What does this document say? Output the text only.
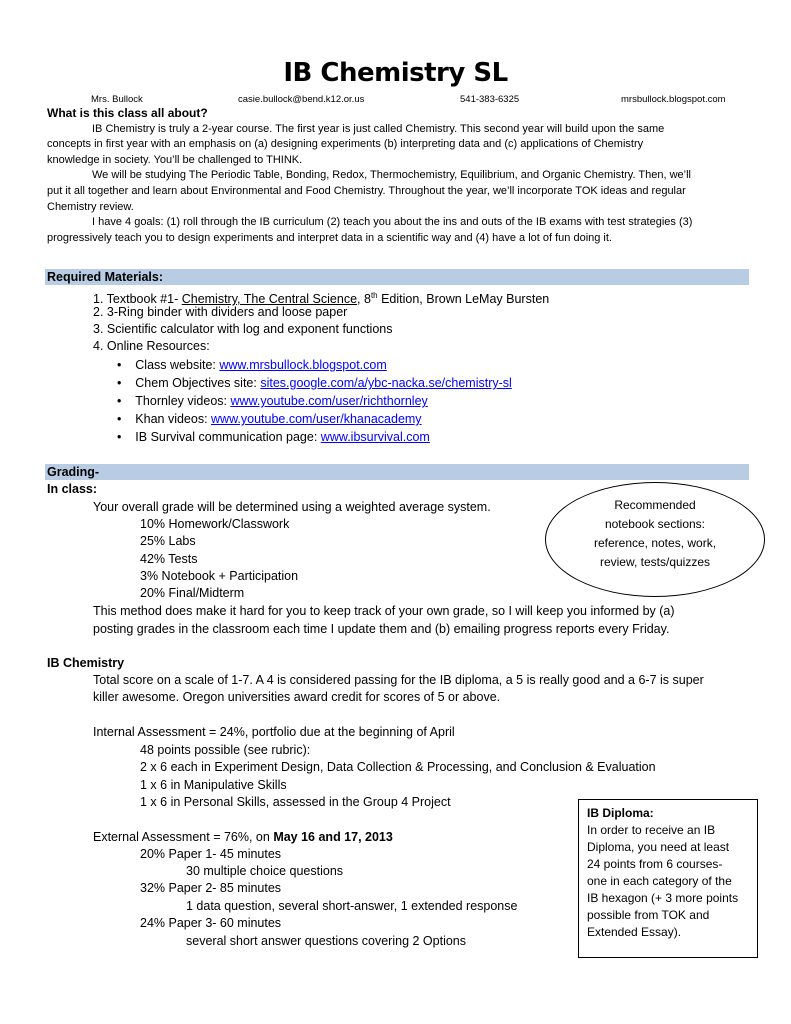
IB Chemistry SL
Mrs. Bullock	casie.bullock@bend.k12.or.us	541-383-6325	mrsbullock.blogspot.com
What is this class all about?
IB Chemistry is truly a 2-year course. The first year is just called Chemistry. This second year will build upon the same
concepts in first year with an emphasis on (a) designing experiments (b) interpreting data and (c) applications of Chemistry
knowledge in society. You’ll be challenged to THINK.
We will be studying The Periodic Table, Bonding, Redox, Thermochemistry, Equilibrium, and Organic Chemistry. Then, we’ll
put it all together and learn about Environmental and Food Chemistry. Throughout the year, we’ll incorporate TOK ideas and regular
Chemistry review.
I have 4 goals: (1) roll through the IB curriculum (2) teach you about the ins and outs of the IB exams with test strategies (3)
progressively teach you to design experiments and interpret data in a scientific way and (4) have a lot of fun doing it.
Required Materials:
1. Textbook #1- Chemistry, The Central Science, 8th Edition, Brown LeMay Bursten
2. 3-Ring binder with dividers and loose paper
3. Scientific calculator with log and exponent functions
4. Online Resources:
•    Class website: www.mrsbullock.blogspot.com
•    Chem Objectives site: sites.google.com/a/ybc-nacka.se/chemistry-sl
•    Thornley videos: www.youtube.com/user/richthornley
•    Khan videos: www.youtube.com/user/khanacademy
•    IB Survival communication page: www.ibsurvival.com
Grading-
In class:
Your overall grade will be determined using a weighted average system.
10% Homework/Classwork
25% Labs
42% Tests
3% Notebook + Participation
20% Final/Midterm
This method does make it hard for you to keep track of your own grade, so I will keep you informed by (a)
posting grades in the classroom each time I update them and (b) emailing progress reports every Friday.
Recommended
notebook sections:
reference, notes, work,
review, tests/quizzes
IB Chemistry
Total score on a scale of 1-7. A 4 is considered passing for the IB diploma, a 5 is really good and a 6-7 is super
killer awesome. Oregon universities award credit for scores of 5 or above.
Internal Assessment = 24%, portfolio due at the beginning of April
48 points possible (see rubric):
2 x 6 each in Experiment Design, Data Collection & Processing, and Conclusion & Evaluation
1 x 6 in Manipulative Skills
1 x 6 in Personal Skills, assessed in the Group 4 Project
External Assessment = 76%, on May 16 and 17, 2013
20% Paper 1- 45 minutes
30 multiple choice questions
32% Paper 2- 85 minutes
1 data question, several short-answer, 1 extended response
24% Paper 3- 60 minutes
several short answer questions covering 2 Options
IB Diploma:
In order to receive an IB
Diploma, you need at least
24 points from 6 courses-
one in each category of the
IB hexagon (+ 3 more points
possible from TOK and
Extended Essay).
